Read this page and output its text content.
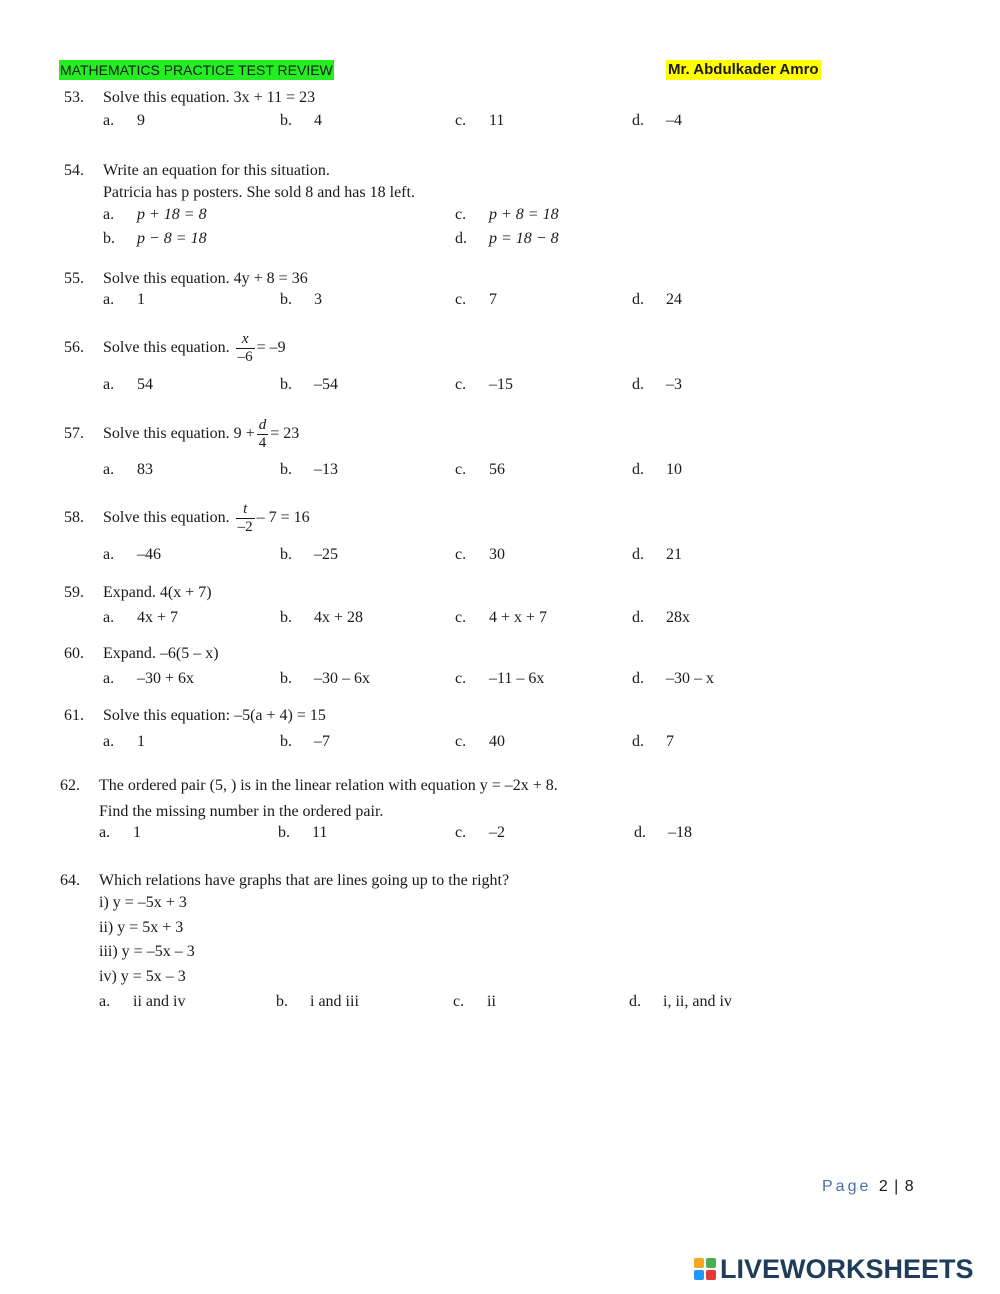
MATHEMATICS PRACTICE TEST REVIEW	Mr. Abdulkader Amro
53. Solve this equation. 3x + 11 = 23
a. 9	b. 4	c. 11	d. –4
54. Write an equation for this situation.
Patricia has p posters. She sold 8 and has 18 left.
a. p + 18 = 8
b. p − 8 = 18
c. p + 8 = 18
d. p = 18 − 8
55. Solve this equation. 4y + 8 = 36
a. 1	b. 3	c. 7	d. 24
56. Solve this equation. $\frac{x}{-6} = -9$
a. 54	b. –54	c. –15	d. –3
57. Solve this equation. $9 + \frac{d}{4} = 23$
a. 83	b. –13	c. 56	d. 10
58. Solve this equation. $\frac{t}{-2} - 7 = 16$
a. –46	b. –25	c. 30	d. 21
59. Expand. 4(x + 7)
a. 4x + 7	b. 4x + 28	c. 4 + x + 7	d. 28x
60. Expand. –6(5 – x)
a. –30 + 6x	b. –30 – 6x	c. –11 – 6x	d. –30 – x
61. Solve this equation: –5(a + 4) = 15
a. 1	b. –7	c. 40	d. 7
62. The ordered pair (5, ) is in the linear relation with equation y = –2x + 8.
Find the missing number in the ordered pair.
a. 1	b. 11	c. –2	d. –18
64. Which relations have graphs that are lines going up to the right?
i) y = –5x + 3
ii) y = 5x + 3
iii) y = –5x – 3
iv) y = 5x – 3
a. ii and iv	b. i and iii	c. ii	d. i, ii, and iv
Page 2 | 8
LIVEWORKSHEETS
